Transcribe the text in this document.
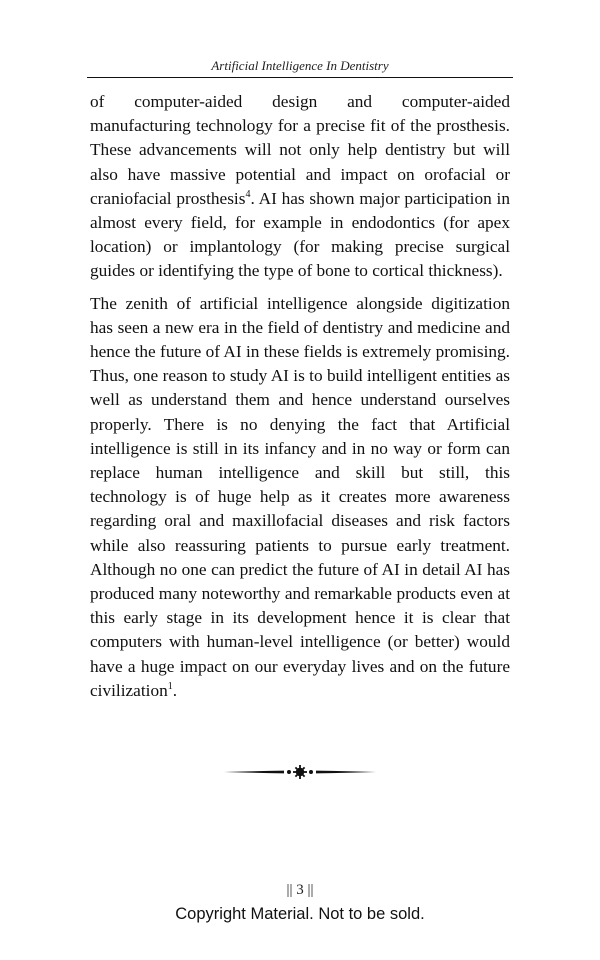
Artificial Intelligence In Dentistry

of computer-aided design and computer-aided manufacturing technology for a precise fit of the prosthesis. These advancements will not only help dentistry but will also have massive potential and impact on orofacial or craniofacial prosthesis$^4$. AI has shown major participation in almost every field, for example in endodontics (for apex location) or implantology (for making precise surgical guides or identifying the type of bone to cortical thickness).

The zenith of artificial intelligence alongside digitization has seen a new era in the field of dentistry and medicine and hence the future of AI in these fields is extremely promising. Thus, one reason to study AI is to build intelligent entities as well as understand them and hence understand ourselves properly. There is no denying the fact that Artificial intelligence is still in its infancy and in no way or form can replace human intelligence and skill but still, this technology is of huge help as it creates more awareness regarding oral and maxillofacial diseases and risk factors while also reassuring patients to pursue early treatment. Although no one can predict the future of AI in detail AI has produced many noteworthy and remarkable products even at this early stage in its development hence it is clear that computers with human-level intelligence (or better) would have a huge impact on our everyday lives and on the future civilization$^1$.

|| 3 ||
Copyright Material. Not to be sold.
